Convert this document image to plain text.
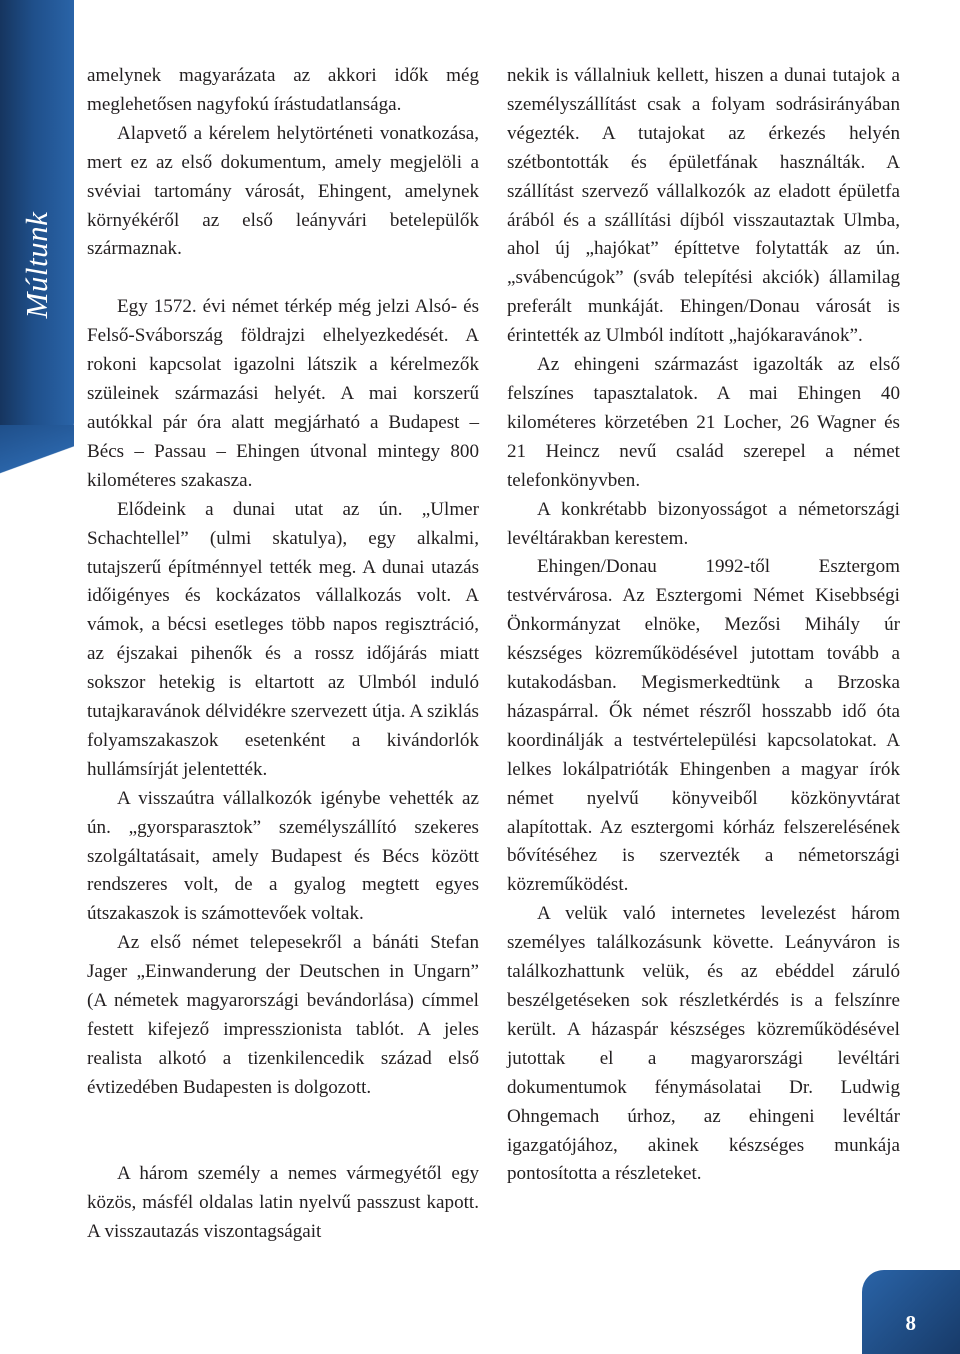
Múltunk

amelynek magyarázata az akkori idők még meglehetősen nagyfokú írástudatlansága.

Alapvető a kérelem helytörténeti vonatkozása, mert ez az első dokumentum, amely megjelöli a svéviai tartomány városát, Ehingent, amelynek környékéről az első leányvári betelepülők származnak.

Egy 1572. évi német térkép még jelzi Alsó- és Felső-Svábország földrajzi elhelyezkedését. A rokoni kapcsolat igazolni látszik a kérelmezők szüleinek származási helyét. A mai korszerű autókkal pár óra alatt megjárható a Budapest – Bécs – Passau – Ehingen útvonal mintegy 800 kilométeres szakasza.

Elődeink a dunai utat az ún. „Ulmer Schachtellel” (ulmi skatulya), egy alkalmi, tutajszerű építménnyel tették meg. A dunai utazás időigényes és kockázatos vállalkozás volt. A vámok, a bécsi esetleges több napos regisztráció, az éjszakai pihenők és a rossz időjárás miatt sokszor hetekig is eltartott az Ulmból induló tutajkaravánok délvidékre szervezett útja. A sziklás folyamszakaszok esetenként a kivándorlók hullámsírját jelentették.

A visszaútra vállalkozók igénybe vehették az ún. „gyorsparasztok” személyszállító szekeres szolgáltatásait, amely Budapest és Bécs között rendszeres volt, de a gyalog megtett egyes útszakaszok is számottevőek voltak.

Az első német telepesekről a bánáti Stefan Jager „Einwanderung der Deutschen in Ungarn” (A németek magyarországi bevándorlása) címmel festett kifejező impresszionista tablót. A jeles realista alkotó a tizenkilencedik század első évtizedében Budapesten is dolgozott.

A három személy a nemes vármegyétől egy közös, másfél oldalas latin nyelvű passzust kapott. A visszautazás viszontagságait

nekik is vállalniuk kellett, hiszen a dunai tutajok a személyszállítást csak a folyam sodrásirányában végezték. A tutajokat az érkezés helyén szétbontották és épületfának használták. A szállítást szervező vállalkozók az eladott épületfa árából és a szállítási díjból visszautaztak Ulmba, ahol új „hajókat” építtetve folytatták az ún. „svábencúgok” (sváb telepítési akciók) államilag preferált munkáját. Ehingen/Donau városát is érintették az Ulmból indított „hajókaravánok”.

Az ehingeni származást igazolták az első felszínes tapasztalatok. A mai Ehingen 40 kilométeres körzetében 21 Locher, 26 Wagner és 21 Heincz nevű család szerepel a német telefonkönyvben.

A konkrétabb bizonyosságot a németországi levéltárakban kerestem.

Ehingen/Donau 1992-től Esztergom testvérvárosa. Az Esztergomi Német Kisebbségi Önkormányzat elnöke, Mezősi Mihály úr készséges közreműködésével jutottam tovább a kutakodásban. Megismerkedtünk a Brzoska házaspárral. Ők német részről hosszabb idő óta koordinálják a testvértelepülési kapcsolatokat. A lelkes lokálpatrióták Ehingenben a magyar írók német nyelvű könyveiből közkönyvtárat alapítottak. Az esztergomi kórház felszerelésének bővítéséhez is szervezték a németországi közreműködést.

A velük való internetes levelezést három személyes találkozásunk követte. Leányváron is találkozhattunk velük, és az ebéddel záruló beszélgetéseken sok részletkérdés is a felszínre került. A házaspár készséges közreműködésével jutottak el a magyarországi levéltári dokumentumok fénymásolatai Dr. Ludwig Ohngemach úrhoz, az ehingeni levéltár igazgatójához, akinek készséges munkája pontosította a részleteket.

8
